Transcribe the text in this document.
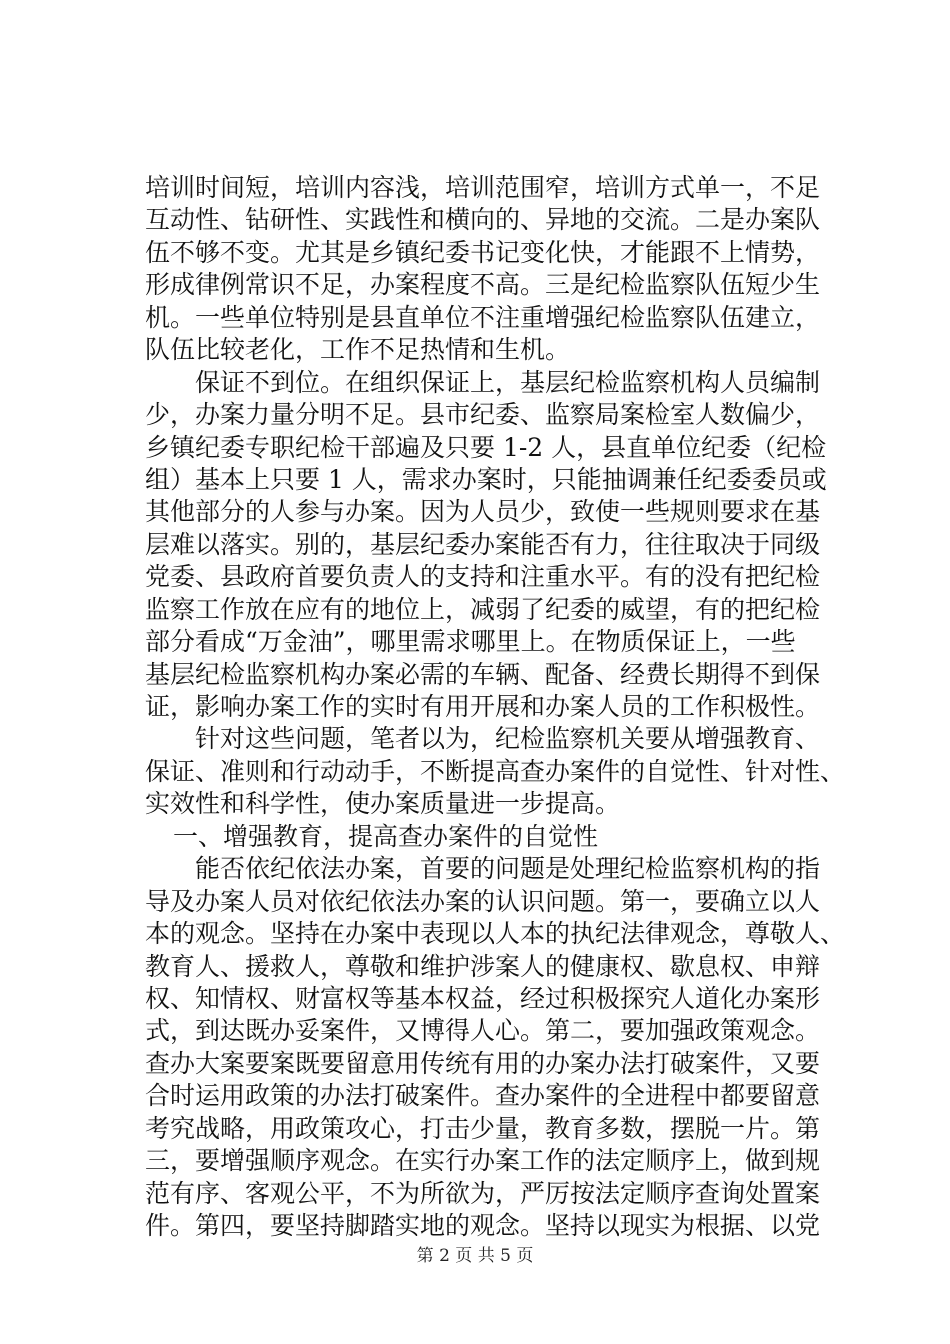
培训时间短，培训内容浅，培训范围窄，培训方式单一，不足
互动性、钻研性、实践性和横向的、异地的交流。二是办案队
伍不够不变。尤其是乡镇纪委书记变化快，才能跟不上情势，
形成律例常识不足，办案程度不高。三是纪检监察队伍短少生
机。一些单位特别是县直单位不注重增强纪检监察队伍建立，
队伍比较老化，工作不足热情和生机。
保证不到位。在组织保证上，基层纪检监察机构人员编制
少，办案力量分明不足。县市纪委、监察局案检室人数偏少，
乡镇纪委专职纪检干部遍及只要 1-2 人，县直单位纪委（纪检
组）基本上只要 1 人，需求办案时，只能抽调兼任纪委委员或
其他部分的人参与办案。因为人员少，致使一些规则要求在基
层难以落实。别的，基层纪委办案能否有力，往往取决于同级
党委、县政府首要负责人的支持和注重水平。有的没有把纪检
监察工作放在应有的地位上，减弱了纪委的威望，有的把纪检
部分看成“万金油”，哪里需求哪里上。在物质保证上，一些
基层纪检监察机构办案必需的车辆、配备、经费长期得不到保
证，影响办案工作的实时有用开展和办案人员的工作积极性。
针对这些问题，笔者以为，纪检监察机关要从增强教育、
保证、准则和行动动手，不断提高查办案件的自觉性、针对性、
实效性和科学性，使办案质量进一步提高。
一、增强教育，提高查办案件的自觉性
能否依纪依法办案，首要的问题是处理纪检监察机构的指
导及办案人员对依纪依法办案的认识问题。第一，要确立以人
本的观念。坚持在办案中表现以人本的执纪法律观念，尊敬人、
教育人、援救人，尊敬和维护涉案人的健康权、歇息权、申辩
权、知情权、财富权等基本权益，经过积极探究人道化办案形
式，到达既办妥案件，又博得人心。第二，要加强政策观念。
查办大案要案既要留意用传统有用的办案办法打破案件，又要
合时运用政策的办法打破案件。查办案件的全进程中都要留意
考究战略，用政策攻心，打击少量，教育多数，摆脱一片。第
三，要增强顺序观念。在实行办案工作的法定顺序上，做到规
范有序、客观公平，不为所欲为，严厉按法定顺序查询处置案
件。第四，要坚持脚踏实地的观念。坚持以现实为根据、以党
第 2 页 共 5 页
